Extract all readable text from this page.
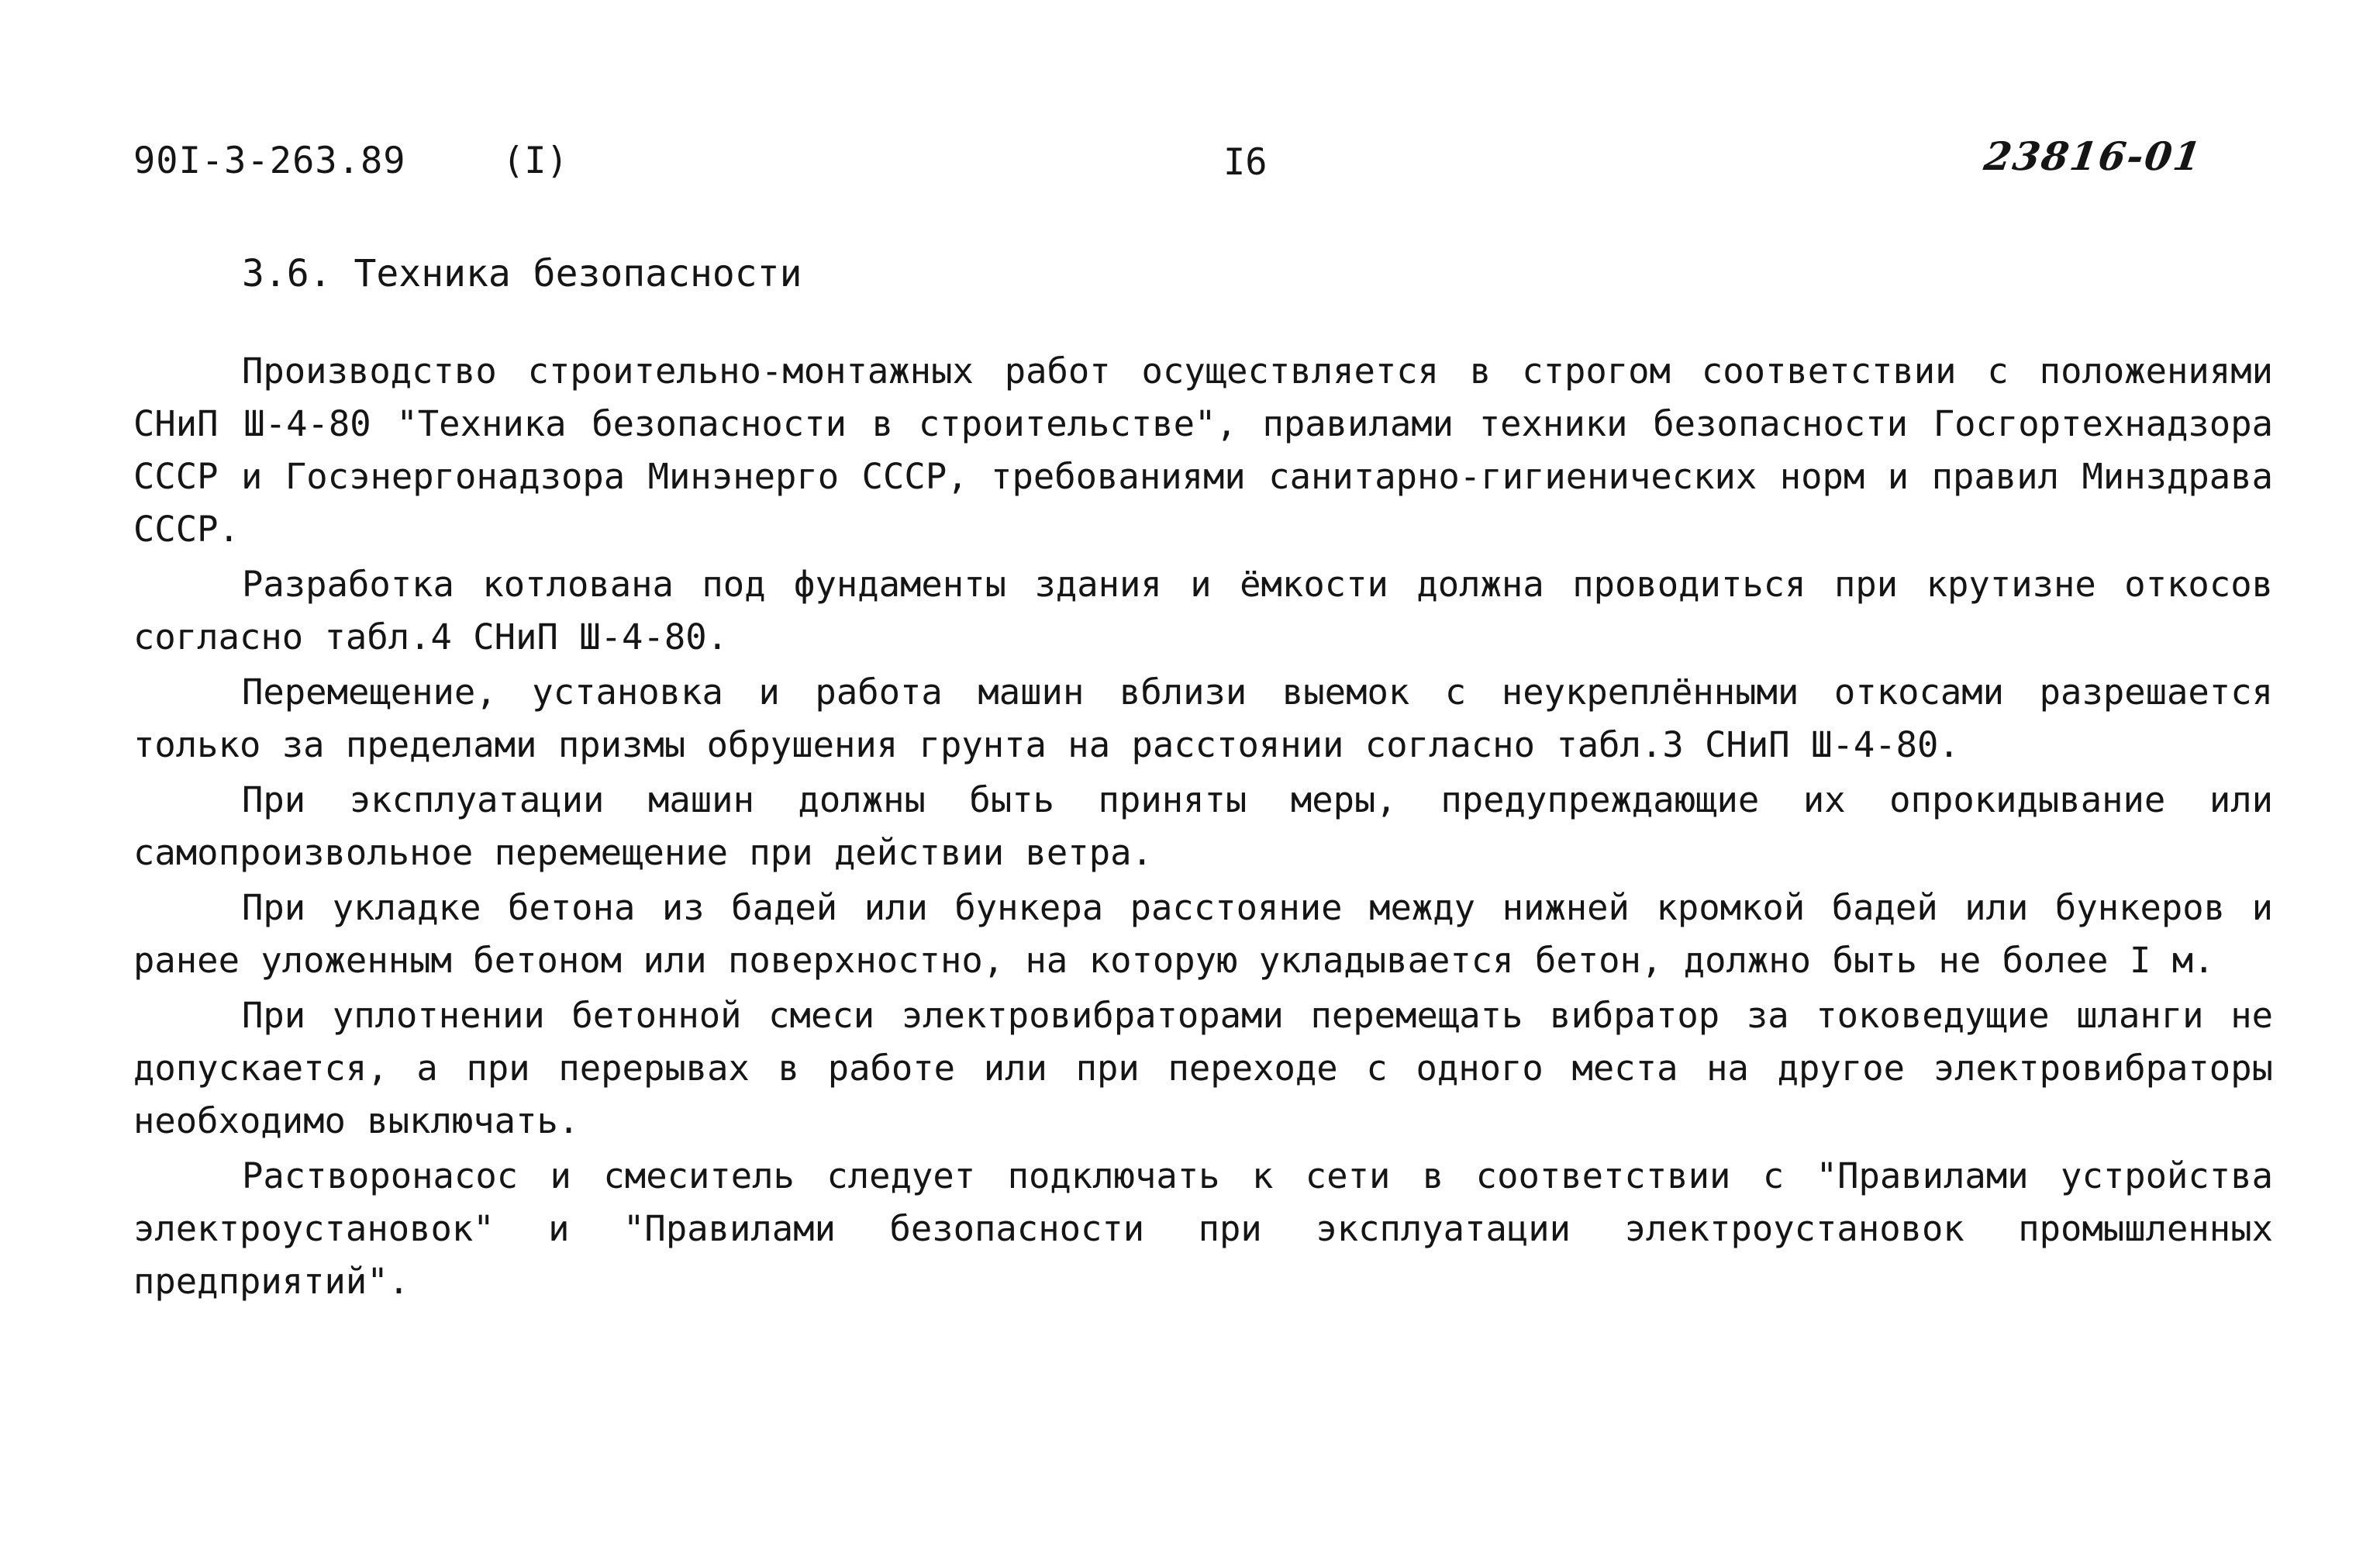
90I-3-263.89	(I)	I6	23816-01
3.6. Техника безопасности

Производство строительно-монтажных работ осуществляется в строгом соответствии с положениями СНиП Ш-4-80 "Техника безопасности в строительстве", правилами техники безопасности Госгортехнадзора СССР и Госэнергонадзора Минэнерго СССР, требованиями санитарно-гигиенических норм и правил Минздрава СССР.

Разработка котлована под фундаменты здания и ёмкости должна проводиться при крутизне откосов согласно табл.4 СНиП Ш-4-80.

Перемещение, установка и работа машин вблизи выемок с неукреплёнными откосами разрешается только за пределами призмы обрушения грунта на расстоянии согласно табл.3 СНиП Ш-4-80.

При эксплуатации машин должны быть приняты меры, предупреждающие их опрокидывание или самопроизвольное перемещение при действии ветра.

При укладке бетона из бадей или бункера расстояние между нижней кромкой бадей или бункеров и ранее уложенным бетоном или поверхностно, на которую укладывается бетон, должно быть не более I м.

При уплотнении бетонной смеси электровибраторами перемещать вибратор за токоведущие шланги не допускается, а при перерывах в работе или при переходе с одного места на другое электровибраторы необходимо выключать.

Растворонасос и смеситель следует подключать к сети в соответствии с "Правилами устройства электроустановок" и "Правилами безопасности при эксплуатации электроустановок промышленных предприятий".
